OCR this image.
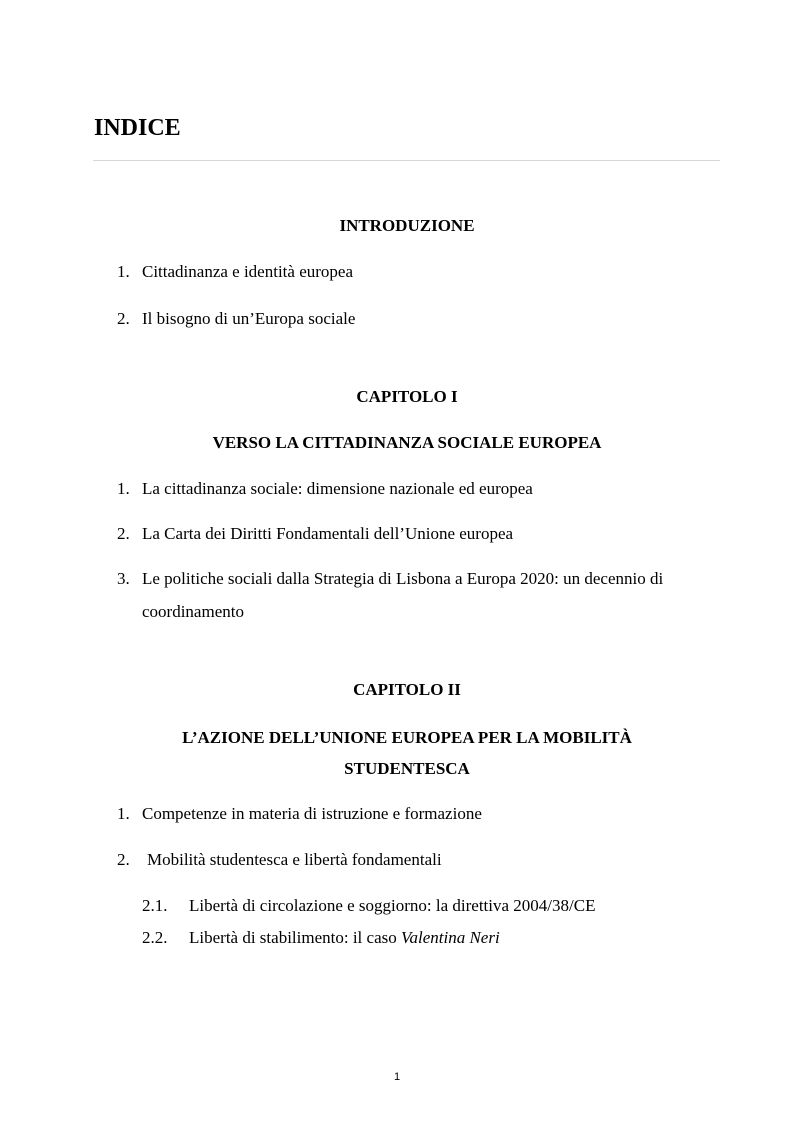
INDICE
INTRODUZIONE
1. Cittadinanza e identità europea
2. Il bisogno di un’Europa sociale
CAPITOLO I
VERSO LA CITTADINANZA SOCIALE EUROPEA
1. La cittadinanza sociale: dimensione nazionale ed europea
2. La Carta dei Diritti Fondamentali dell’Unione europea
3. Le politiche sociali dalla Strategia di Lisbona a Europa 2020: un decennio di coordinamento
CAPITOLO II
L’AZIONE DELL’UNIONE EUROPEA PER LA MOBILITÀ
STUDENTESCA
1. Competenze in materia di istruzione e formazione
2. Mobilità studentesca e libertà fondamentali
2.1. Libertà di circolazione e soggiorno: la direttiva 2004/38/CE
2.2. Libertà di stabilimento: il caso Valentina Neri
1
